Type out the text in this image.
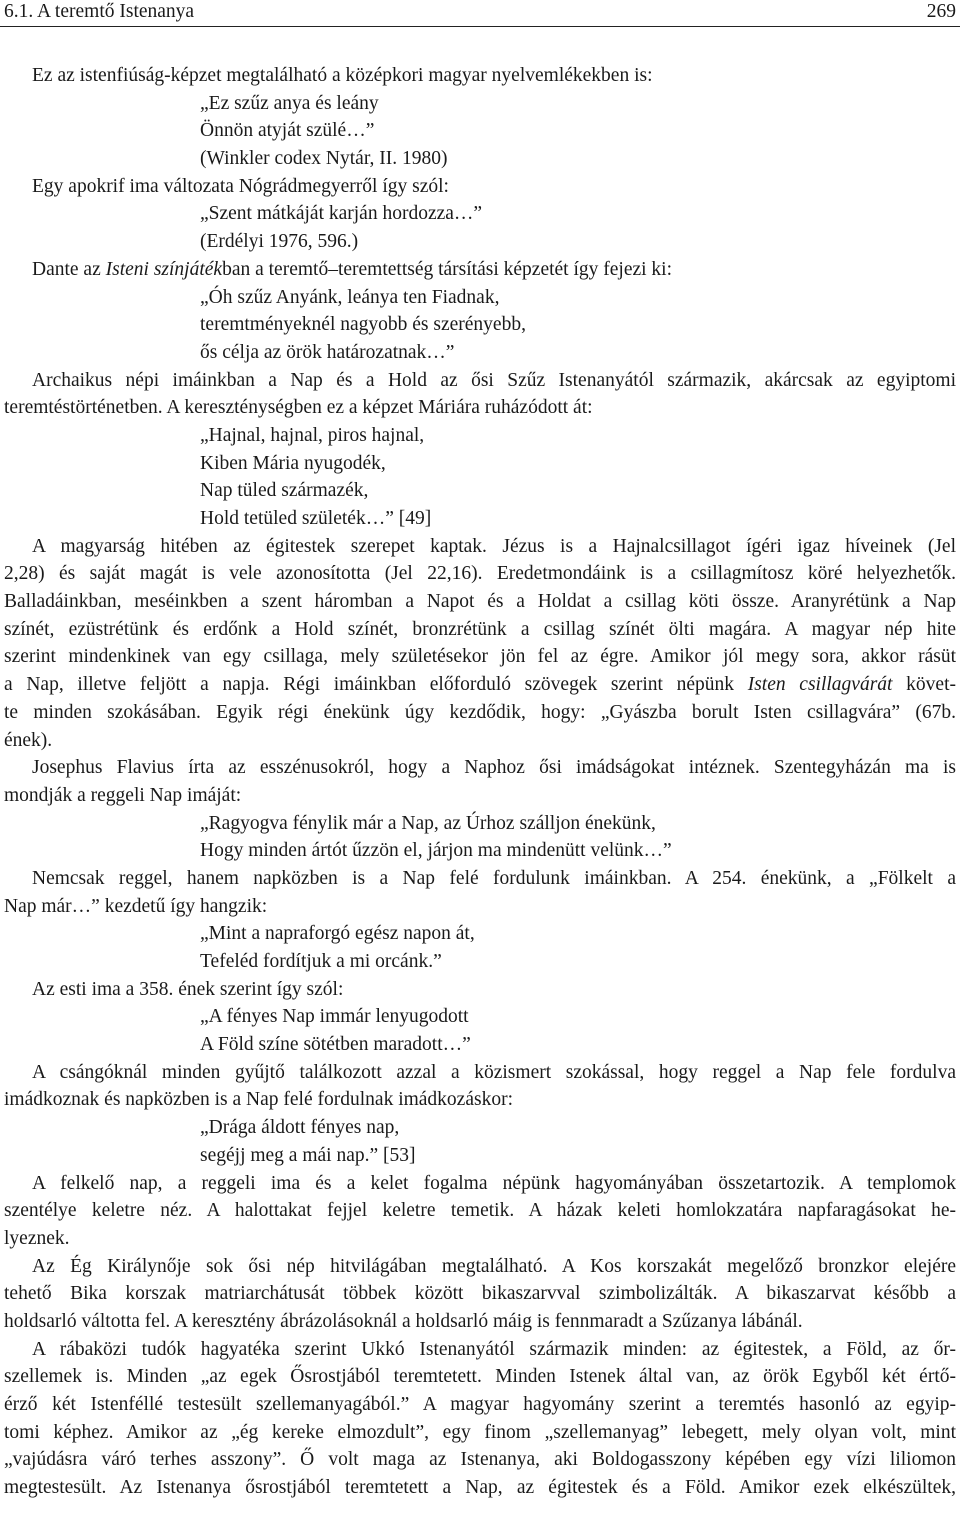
6.1. A teremtő Istenanya	269
Ez az istenfiúság-képzet megtalálható a középkori magyar nyelvemlékekben is:
„Ez szűz anya és leány
Önnön atyját szülé…”
(Winkler codex Nytár, II. 1980)
Egy apokrif ima változata Nógrádmegyerről így szól:
„Szent mátkáját karján hordozza…”
(Erdélyi 1976, 596.)
Dante az Isteni színjátékban a teremtő–teremtettség társítási képzetét így fejezi ki:
„Óh szűz Anyánk, leánya ten Fiadnak,
teremtményeknél nagyobb és szerényebb,
ős célja az örök határozatnak…”
Archaikus népi imáinkban a Nap és a Hold az ősi Szűz Istenanyától származik, akárcsak az egyiptomi
teremtéstörténetben. A kereszténységben ez a képzet Máriára ruházódott át:
„Hajnal, hajnal, piros hajnal,
Kiben Mária nyugodék,
Nap tüled származék,
Hold tetüled születék…” [49]
A magyarság hitében az égitestek szerepet kaptak. Jézus is a Hajnalcsillagot ígéri igaz híveinek (Jel
2,28) és saját magát is vele azonosította (Jel 22,16). Eredetmondáink is a csillagmítosz köré helyezhetők.
Balladáinkban, meséinkben a szent háromban a Napot és a Holdat a csillag köti össze. Aranyrétünk a Nap
színét, ezüstrétünk és erdőnk a Hold színét, bronzrétünk a csillag színét ölti magára. A magyar nép hite
szerint mindenkinek van egy csillaga, mely születésekor jön fel az égre. Amikor jól megy sora, akkor rásüt
a Nap, illetve feljött a napja. Régi imáinkban előforduló szövegek szerint népünk Isten csillagvárát követ-
te minden szokásában. Egyik régi énekünk úgy kezdődik, hogy: „Gyászba borult Isten csillagvára” (67b.
ének).
Josephus Flavius írta az esszénusokról, hogy a Naphoz ősi imádságokat intéznek. Szentegyházán ma is
mondják a reggeli Nap imáját:
„Ragyogva fénylik már a Nap, az Úrhoz szálljon énekünk,
Hogy minden ártót űzzön el, járjon ma mindenütt velünk…”
Nemcsak reggel, hanem napközben is a Nap felé fordulunk imáinkban. A 254. énekünk, a „Fölkelt a
Nap már…” kezdetű így hangzik:
„Mint a napraforgó egész napon át,
Tefeléd fordítjuk a mi orcánk.”
Az esti ima a 358. ének szerint így szól:
„A fényes Nap immár lenyugodott
A Föld színe sötétben maradott…”
A csángóknál minden gyűjtő találkozott azzal a közismert szokással, hogy reggel a Nap fele fordulva
imádkoznak és napközben is a Nap felé fordulnak imádkozáskor:
„Drága áldott fényes nap,
segéjj meg a mái nap.” [53]
A felkelő nap, a reggeli ima és a kelet fogalma népünk hagyományában összetartozik. A templomok
szentélye keletre néz. A halottakat fejjel keletre temetik. A házak keleti homlokzatára napfaragásokat he-
lyeznek.
Az Ég Királynője sok ősi nép hitvilágában megtalálható. A Kos korszakát megelőző bronzkor elejére
tehető Bika korszak matriarchátusát többek között bikaszarvval szimbolizálták. A bikaszarvat később a
holdsarló váltotta fel. A keresztény ábrázolásoknál a holdsarló máig is fennmaradt a Szűzanya lábánál.
A rábaközi tudók hagyatéka szerint Ukkó Istenanyától származik minden: az égitestek, a Föld, az őr-
szellemek is. Minden „az egek Ősrostjából teremtetett. Minden Istenek által van, az örök Egyből két értő-
érző két Istenféllé testesült szellemanyagából.” A magyar hagyomány szerint a teremtés hasonló az egyip-
tomi képhez. Amikor az „ég kereke elmozdult”, egy finom „szellemanyag” lebegett, mely olyan volt, mint
„vajúdásra váró terhes asszony”. Ő volt maga az Istenanya, aki Boldogasszony képében egy vízi liliomon
megtestesült. Az Istenanya ősrostjából teremtetett a Nap, az égitestek és a Föld. Amikor ezek elkészültek,
